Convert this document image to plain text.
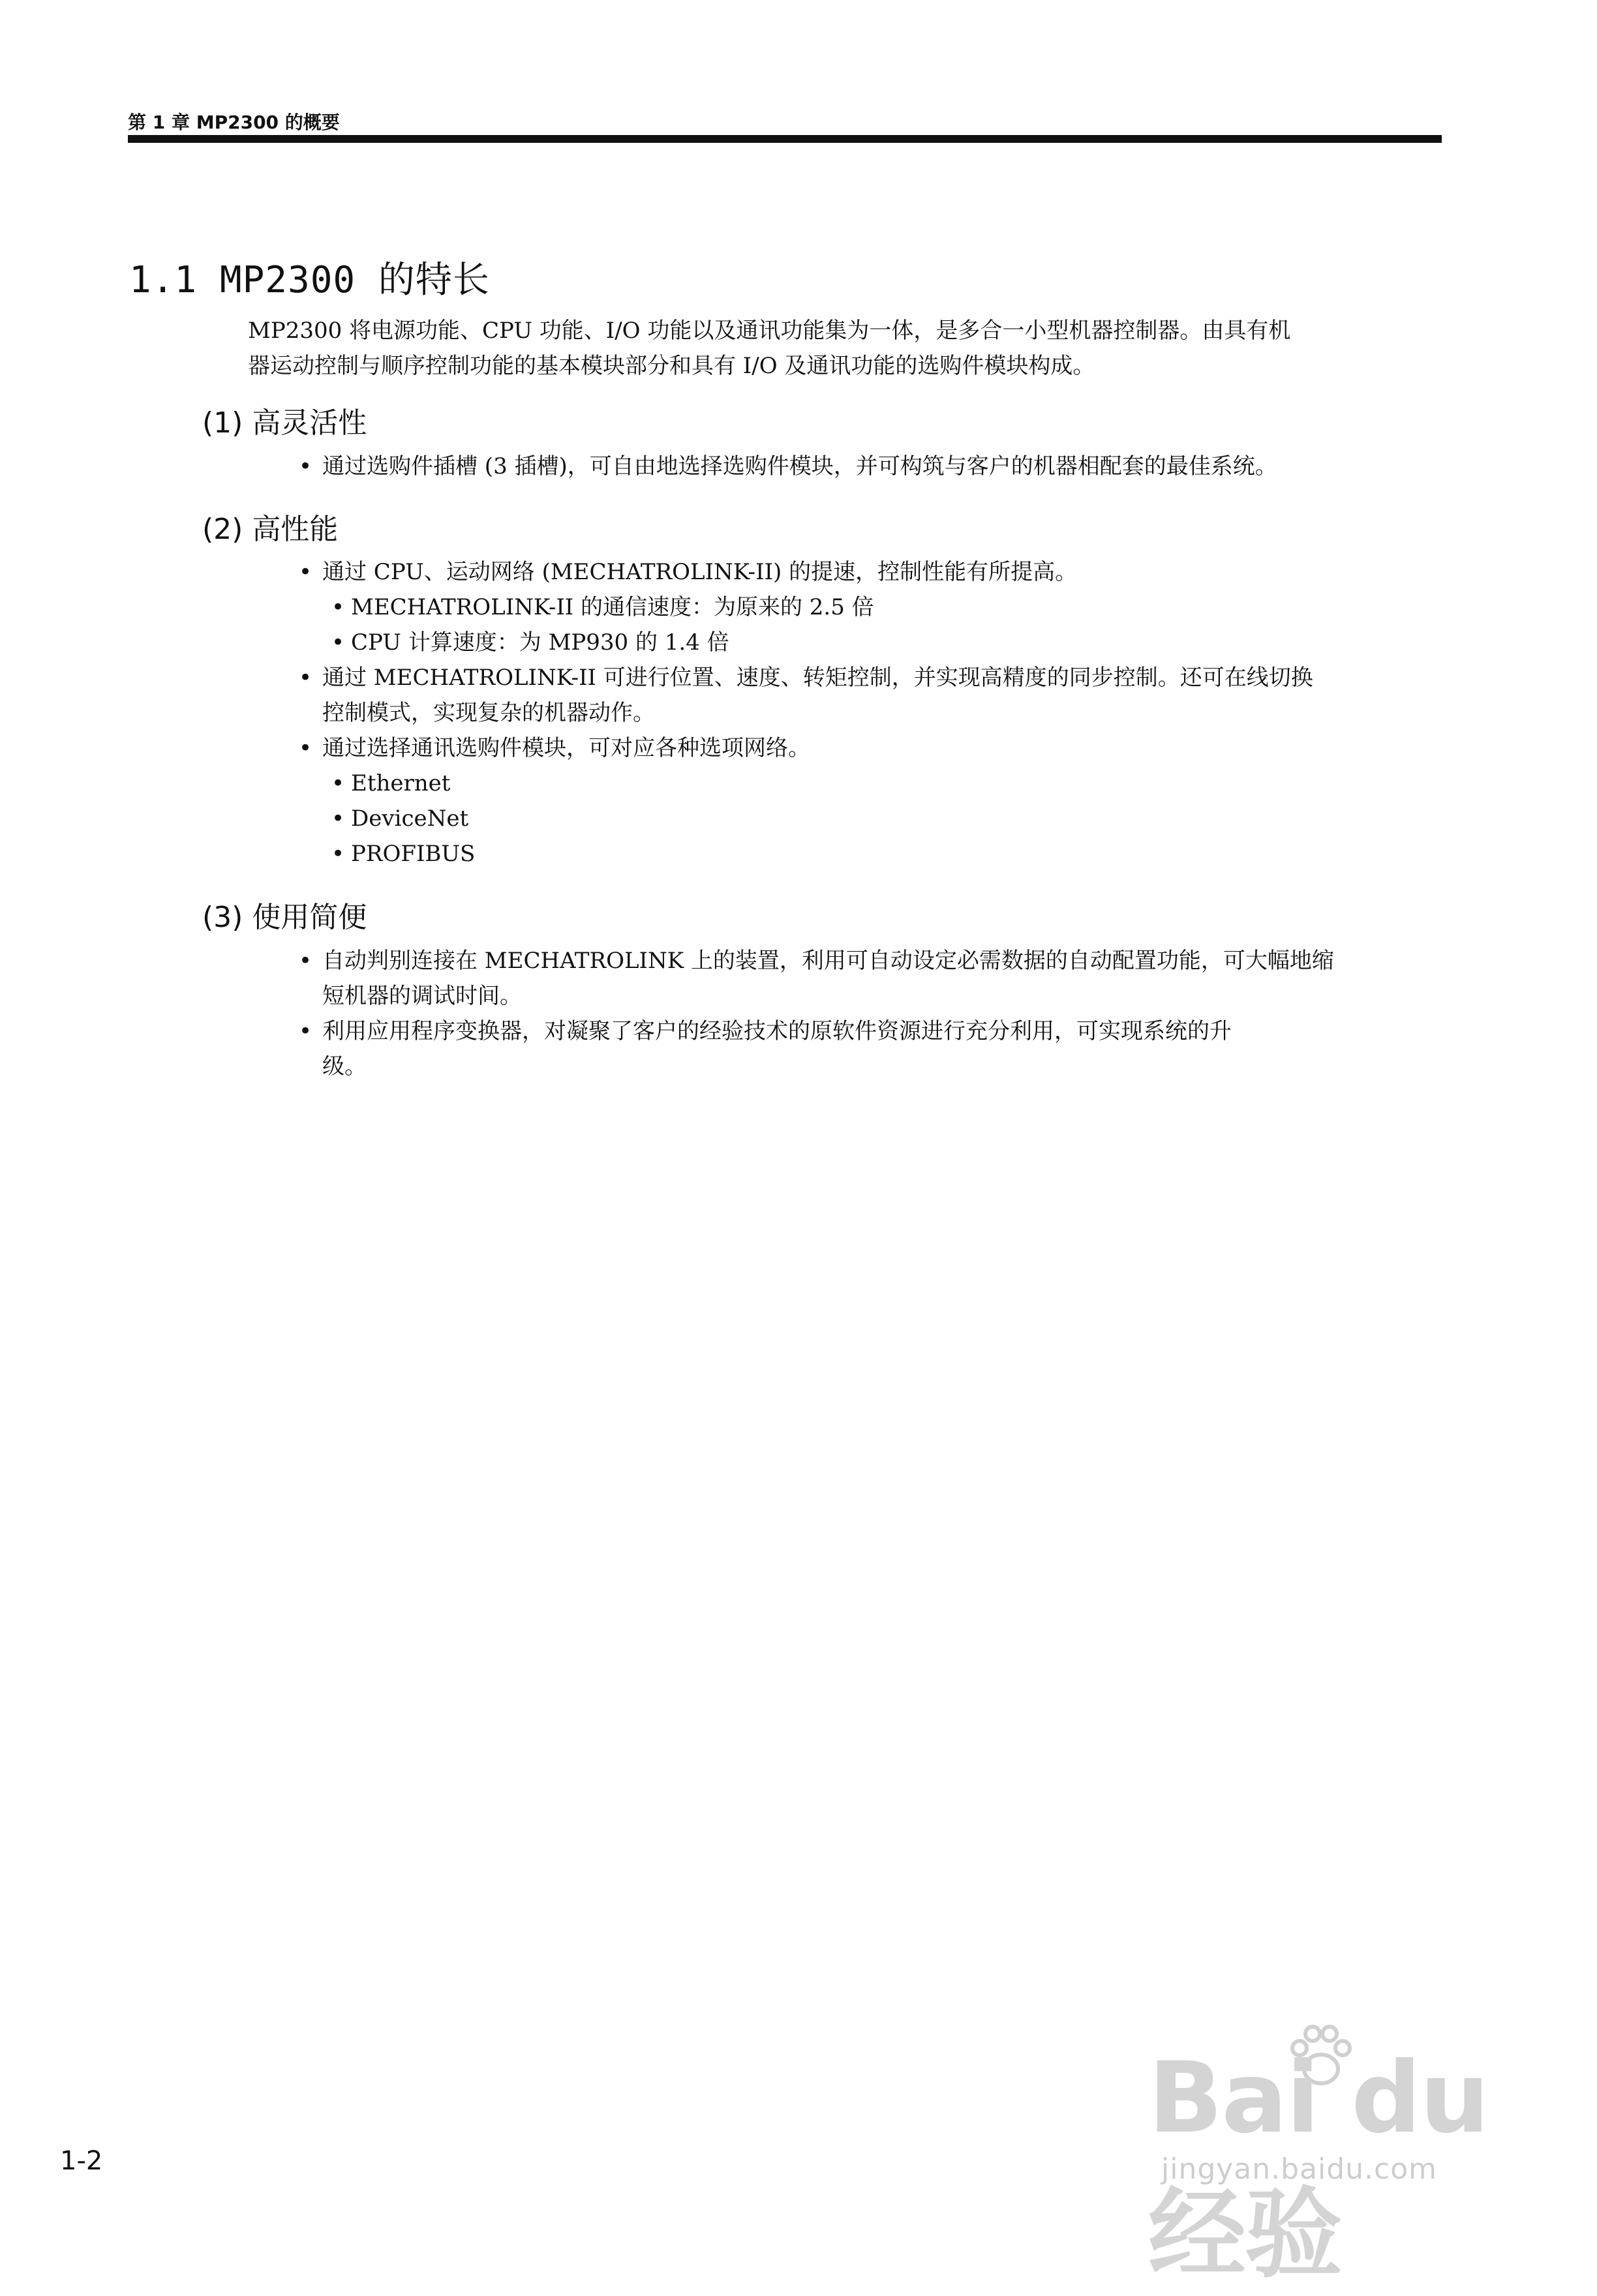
第 1 章 MP2300 的概要
1.1 MP2300 的特长
MP2300 将电源功能、CPU 功能、I/O 功能以及通讯功能集为一体，是多合一小型机器控制器。由具有机
器运动控制与顺序控制功能的基本模块部分和具有 I/O 及通讯功能的选购件模块构成。
(1) 高灵活性
• 通过选购件插槽 (3 插槽)，可自由地选择选购件模块，并可构筑与客户的机器相配套的最佳系统。
(2) 高性能
• 通过 CPU、运动网络 (MECHATROLINK-II) 的提速，控制性能有所提高。
• MECHATROLINK-II 的通信速度：为原来的 2.5 倍
• CPU 计算速度：为 MP930 的 1.4 倍
• 通过 MECHATROLINK-II 可进行位置、速度、转矩控制，并实现高精度的同步控制。还可在线切换
控制模式，实现复杂的机器动作。
• 通过选择通讯选购件模块，可对应各种选项网络。
• Ethernet
• DeviceNet
• PROFIBUS
(3) 使用简便
• 自动判别连接在 MECHATROLINK 上的装置，利用可自动设定必需数据的自动配置功能，可大幅地缩
短机器的调试时间。
• 利用应用程序变换器，对凝聚了客户的经验技术的原软件资源进行充分利用，可实现系统的升
级。
1-2
Bai du 经验
jingyan.baidu.com
